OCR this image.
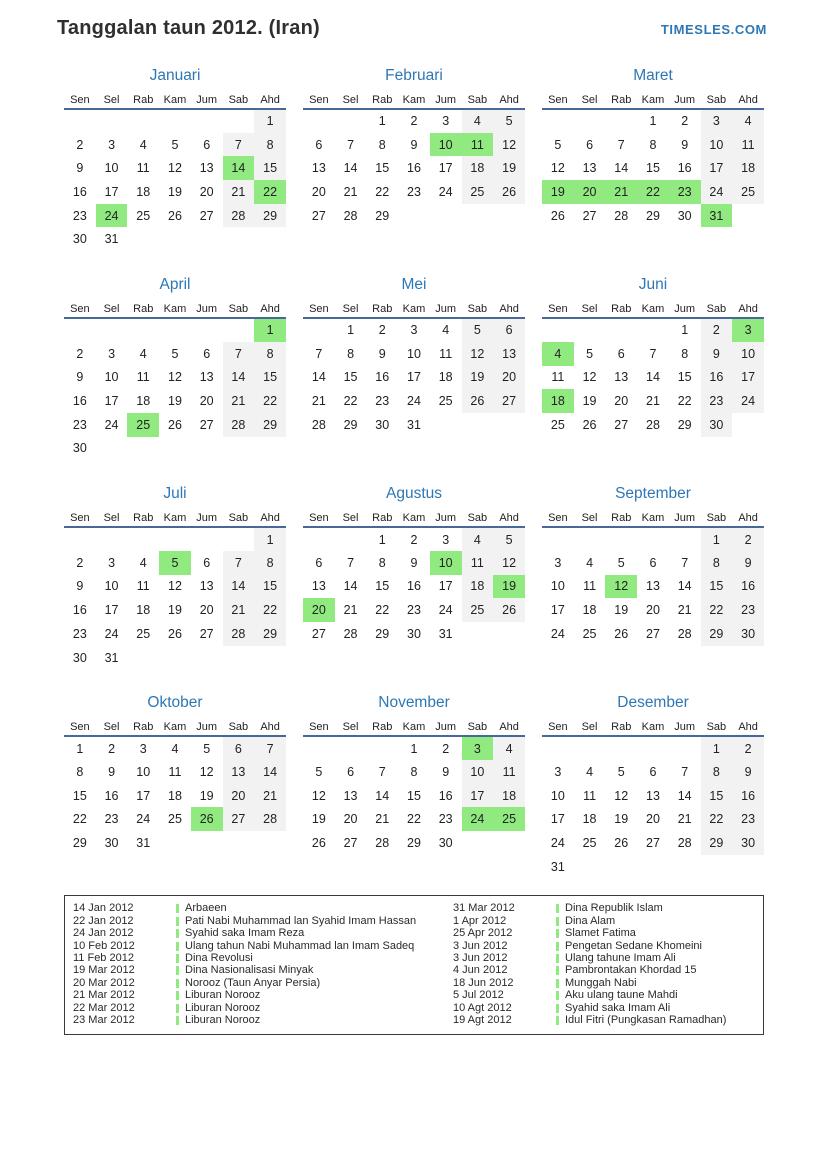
Tanggalan taun 2012. (Iran)	TIMESLES.COM
Januari
Sen	Sel	Rab	Kam	Jum	Sab	Ahd
						1
2	3	4	5	6	7	8
9	10	11	12	13	14	15
16	17	18	19	20	21	22
23	24	25	26	27	28	29
30	31					
Februari
Sen	Sel	Rab	Kam	Jum	Sab	Ahd
		1	2	3	4	5
6	7	8	9	10	11	12
13	14	15	16	17	18	19
20	21	22	23	24	25	26
27	28	29				
Maret
Sen	Sel	Rab	Kam	Jum	Sab	Ahd
			1	2	3	4
5	6	7	8	9	10	11
12	13	14	15	16	17	18
19	20	21	22	23	24	25
26	27	28	29	30	31	
April
Sen	Sel	Rab	Kam	Jum	Sab	Ahd
						1
2	3	4	5	6	7	8
9	10	11	12	13	14	15
16	17	18	19	20	21	22
23	24	25	26	27	28	29
30						
Mei
Sen	Sel	Rab	Kam	Jum	Sab	Ahd
	1	2	3	4	5	6
7	8	9	10	11	12	13
14	15	16	17	18	19	20
21	22	23	24	25	26	27
28	29	30	31			
Juni
Sen	Sel	Rab	Kam	Jum	Sab	Ahd
				1	2	3
4	5	6	7	8	9	10
11	12	13	14	15	16	17
18	19	20	21	22	23	24
25	26	27	28	29	30	
Juli
Sen	Sel	Rab	Kam	Jum	Sab	Ahd
						1
2	3	4	5	6	7	8
9	10	11	12	13	14	15
16	17	18	19	20	21	22
23	24	25	26	27	28	29
30	31					
Agustus
Sen	Sel	Rab	Kam	Jum	Sab	Ahd
		1	2	3	4	5
6	7	8	9	10	11	12
13	14	15	16	17	18	19
20	21	22	23	24	25	26
27	28	29	30	31		
September
Sen	Sel	Rab	Kam	Jum	Sab	Ahd
					1	2
3	4	5	6	7	8	9
10	11	12	13	14	15	16
17	18	19	20	21	22	23
24	25	26	27	28	29	30
Oktober
Sen	Sel	Rab	Kam	Jum	Sab	Ahd
1	2	3	4	5	6	7
8	9	10	11	12	13	14
15	16	17	18	19	20	21
22	23	24	25	26	27	28
29	30	31				
November
Sen	Sel	Rab	Kam	Jum	Sab	Ahd
			1	2	3	4
5	6	7	8	9	10	11
12	13	14	15	16	17	18
19	20	21	22	23	24	25
26	27	28	29	30		
Desember
Sen	Sel	Rab	Kam	Jum	Sab	Ahd
					1	2
3	4	5	6	7	8	9
10	11	12	13	14	15	16
17	18	19	20	21	22	23
24	25	26	27	28	29	30
31						
14 Jan 2012	Arbaeen
22 Jan 2012	Pati Nabi Muhammad lan Syahid Imam Hassan
24 Jan 2012	Syahid saka Imam Reza
10 Feb 2012	Ulang tahun Nabi Muhammad lan Imam Sadeq
11 Feb 2012	Dina Revolusi
19 Mar 2012	Dina Nasionalisasi Minyak
20 Mar 2012	Norooz (Taun Anyar Persia)
21 Mar 2012	Liburan Norooz
22 Mar 2012	Liburan Norooz
23 Mar 2012	Liburan Norooz
31 Mar 2012	Dina Republik Islam
1 Apr 2012	Dina Alam
25 Apr 2012	Slamet Fatima
3 Jun 2012	Pengetan Sedane Khomeini
3 Jun 2012	Ulang tahune Imam Ali
4 Jun 2012	Pambrontakan Khordad 15
18 Jun 2012	Munggah Nabi
5 Jul 2012	Aku ulang taune Mahdi
10 Agt 2012	Syahid saka Imam Ali
19 Agt 2012	Idul Fitri (Pungkasan Ramadhan)
